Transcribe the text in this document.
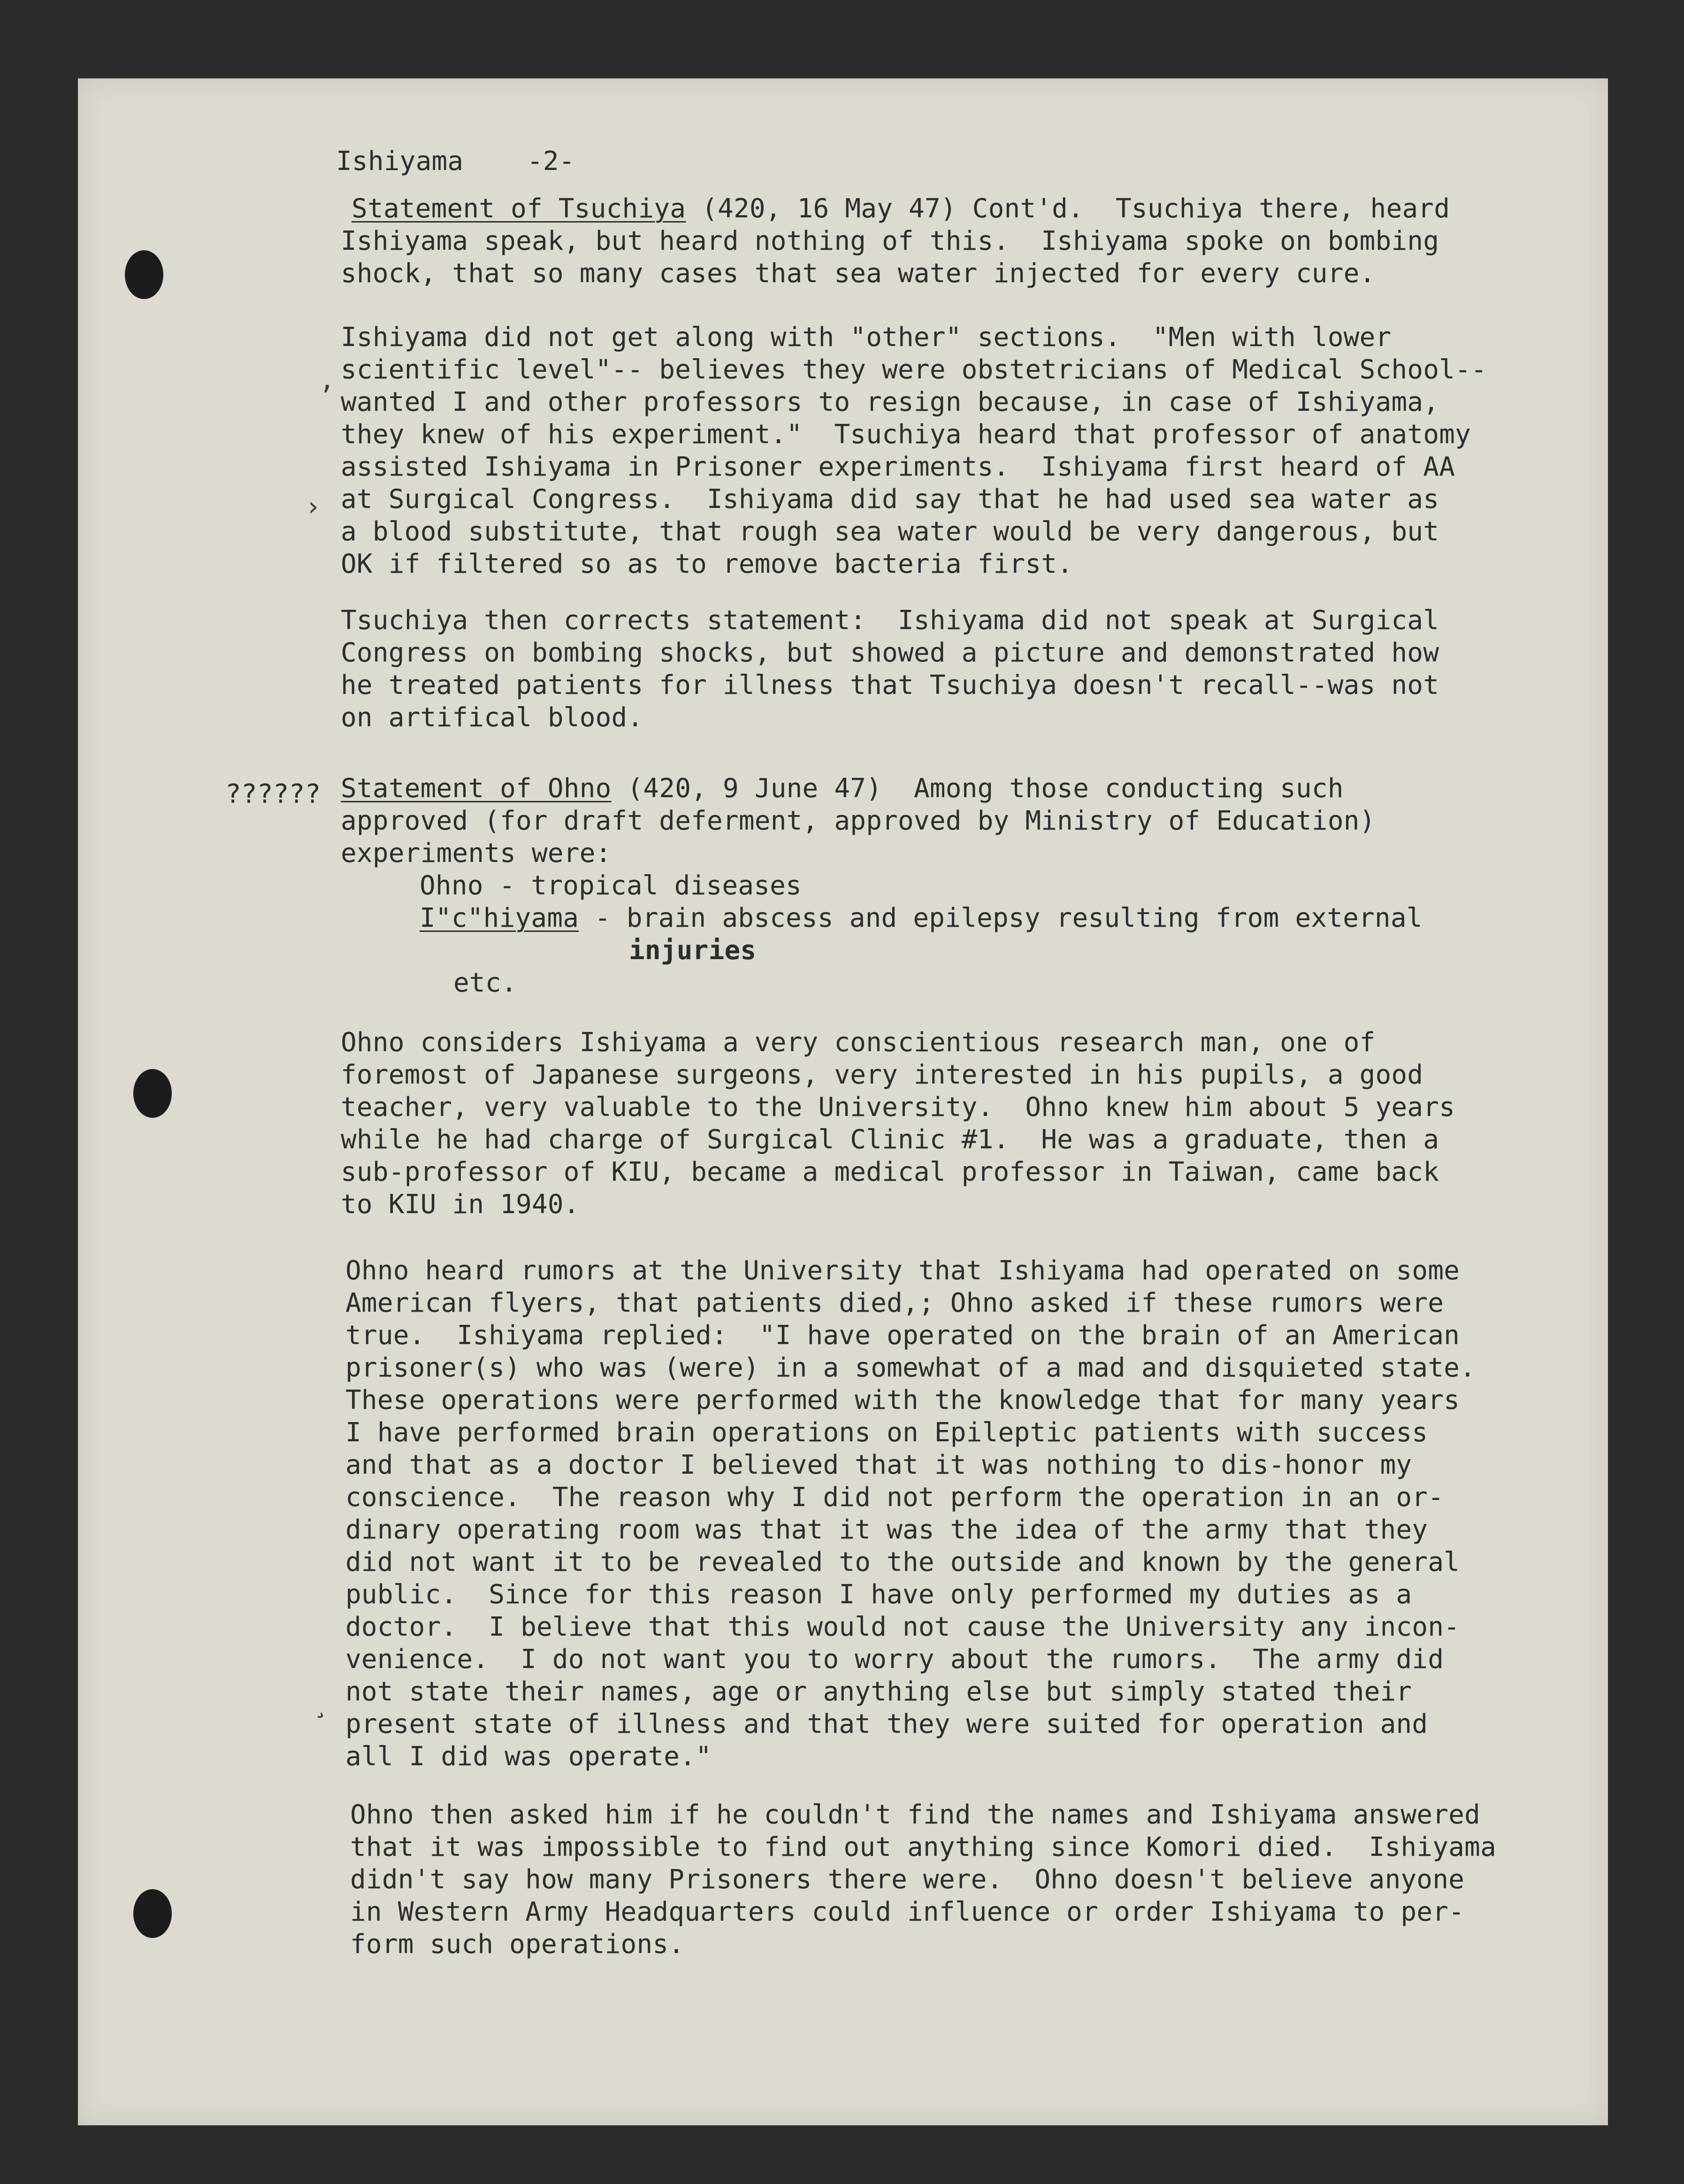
,
›
¸

Ishiyama    -2-

Statement of Tsuchiya (420, 16 May 47) Cont'd.  Tsuchiya there, heard

Ishiyama speak, but heard nothing of this.  Ishiyama spoke on bombing

shock, that so many cases that sea water injected for every cure.

Ishiyama did not get along with "other" sections.  "Men with lower

scientific level"-- believes they were obstetricians of Medical School--

wanted I and other professors to resign because, in case of Ishiyama,

they knew of his experiment."  Tsuchiya heard that professor of anatomy

assisted Ishiyama in Prisoner experiments.  Ishiyama first heard of AA

at Surgical Congress.  Ishiyama did say that he had used sea water as

a blood substitute, that rough sea water would be very dangerous, but

OK if filtered so as to remove bacteria first.

Tsuchiya then corrects statement:  Ishiyama did not speak at Surgical

Congress on bombing shocks, but showed a picture and demonstrated how

he treated patients for illness that Tsuchiya doesn't recall--was not

on artifical blood.

?????? Statement of Ohno (420, 9 June 47)  Among those conducting such

approved (for draft deferment, approved by Ministry of Education)

experiments were:

Ohno - tropical diseases

I"c"hiyama - brain abscess and epilepsy resulting from external

injuries

etc.

Ohno considers Ishiyama a very conscientious research man, one of

foremost of Japanese surgeons, very interested in his pupils, a good

teacher, very valuable to the University.  Ohno knew him about 5 years

while he had charge of Surgical Clinic #1.  He was a graduate, then a

sub-professor of KIU, became a medical professor in Taiwan, came back

to KIU in 1940.

Ohno heard rumors at the University that Ishiyama had operated on some

American flyers, that patients died,; Ohno asked if these rumors were

true.  Ishiyama replied:  "I have operated on the brain of an American

prisoner(s) who was (were) in a somewhat of a mad and disquieted state.

These operations were performed with the knowledge that for many years

I have performed brain operations on Epileptic patients with success

and that as a doctor I believed that it was nothing to dis-honor my

conscience.  The reason why I did not perform the operation in an or-

dinary operating room was that it was the idea of the army that they

did not want it to be revealed to the outside and known by the general

public.  Since for this reason I have only performed my duties as a

doctor.  I believe that this would not cause the University any incon-

venience.  I do not want you to worry about the rumors.  The army did

not state their names, age or anything else but simply stated their

present state of illness and that they were suited for operation and

all I did was operate."

Ohno then asked him if he couldn't find the names and Ishiyama answered

that it was impossible to find out anything since Komori died.  Ishiyama

didn't say how many Prisoners there were.  Ohno doesn't believe anyone

in Western Army Headquarters could influence or order Ishiyama to per-

form such operations.
